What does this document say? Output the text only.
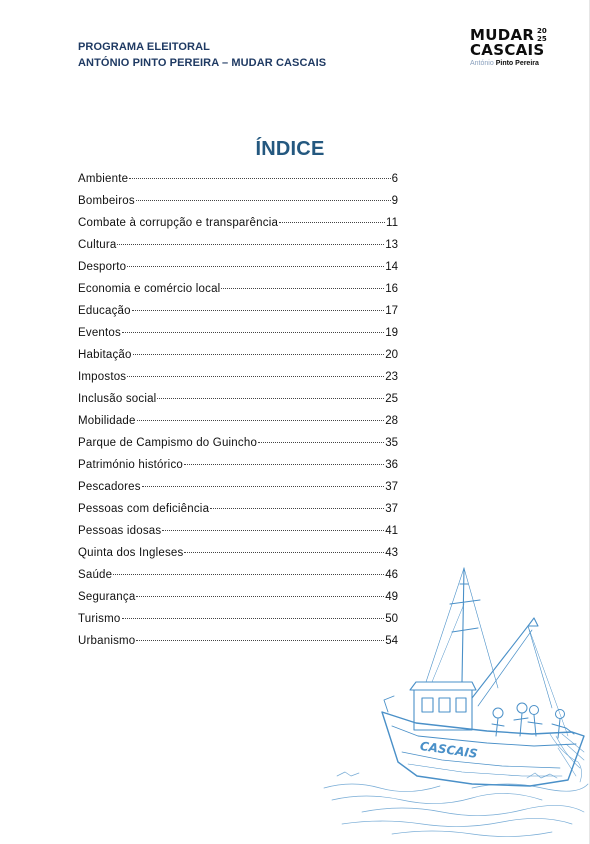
PROGRAMA ELEITORAL
ANTÓNIO PINTO PEREIRA – MUDAR CASCAIS
MUDAR
CASCAIS
20
25
António Pinto Pereira
ÍNDICE
Ambiente	6
Bombeiros	9
Combate à corrupção e transparência	11
Cultura	13
Desporto	14
Economia e comércio local	16
Educação	17
Eventos	19
Habitação	20
Impostos	23
Inclusão social	25
Mobilidade	28
Parque de Campismo do Guincho	35
Património histórico	36
Pescadores	37
Pessoas com deficiência	37
Pessoas idosas	41
Quinta dos Ingleses	43
Saúde	46
Segurança	49
Turismo	50
Urbanismo	54
CASCAIS
